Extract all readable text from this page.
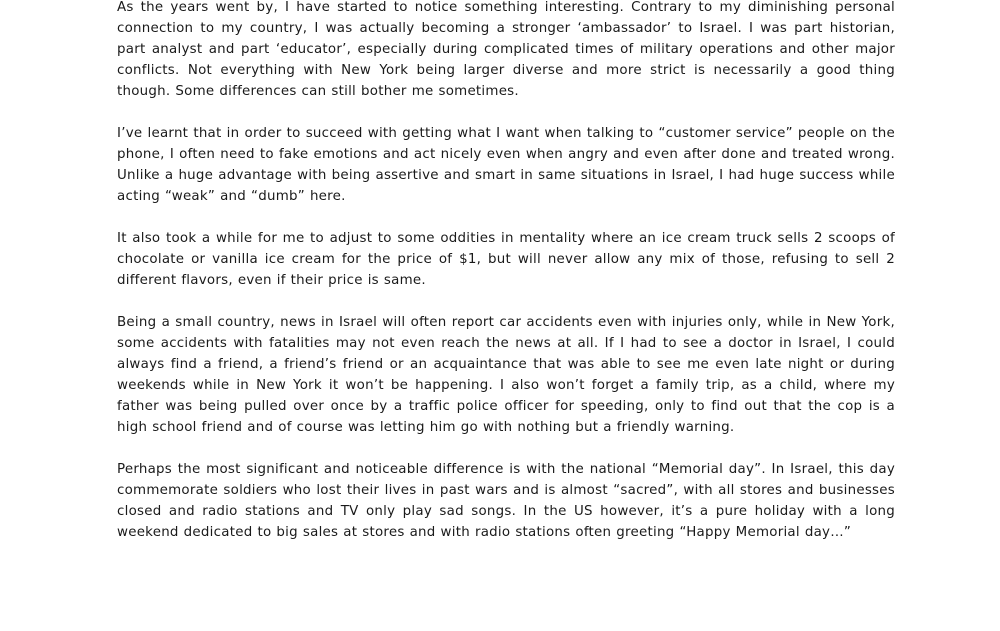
As the years went by, I have started to notice something interesting. Contrary to my diminishing personal connection to my country, I was actually becoming a stronger ‘ambassador’ to Israel. I was part historian, part analyst and part ‘educator’, especially during complicated times of military operations and other major conflicts. Not everything with New York being larger diverse and more strict is necessarily a good thing though. Some differences can still bother me sometimes.

I’ve learnt that in order to succeed with getting what I want when talking to “customer service” people on the phone, I often need to fake emotions and act nicely even when angry and even after done and treated wrong. Unlike a huge advantage with being assertive and smart in same situations in Israel, I had huge success while acting “weak” and “dumb” here.

It also took a while for me to adjust to some oddities in mentality where an ice cream truck sells 2 scoops of chocolate or vanilla ice cream for the price of $1, but will never allow any mix of those, refusing to sell 2 different flavors, even if their price is same.

Being a small country, news in Israel will often report car accidents even with injuries only, while in New York, some accidents with fatalities may not even reach the news at all. If I had to see a doctor in Israel, I could always find a friend, a friend’s friend or an acquaintance that was able to see me even late night or during weekends while in New York it won’t be happening. I also won’t forget a family trip, as a child, where my father was being pulled over once by a traffic police officer for speeding, only to find out that the cop is a high school friend and of course was letting him go with nothing but a friendly warning.

Perhaps the most significant and noticeable difference is with the national “Memorial day”. In Israel, this day commemorate soldiers who lost their lives in past wars and is almost “sacred”, with all stores and businesses closed and radio stations and TV only play sad songs. In the US however, it’s a pure holiday with a long weekend dedicated to big sales at stores and with radio stations often greeting “Happy Memorial day…”
